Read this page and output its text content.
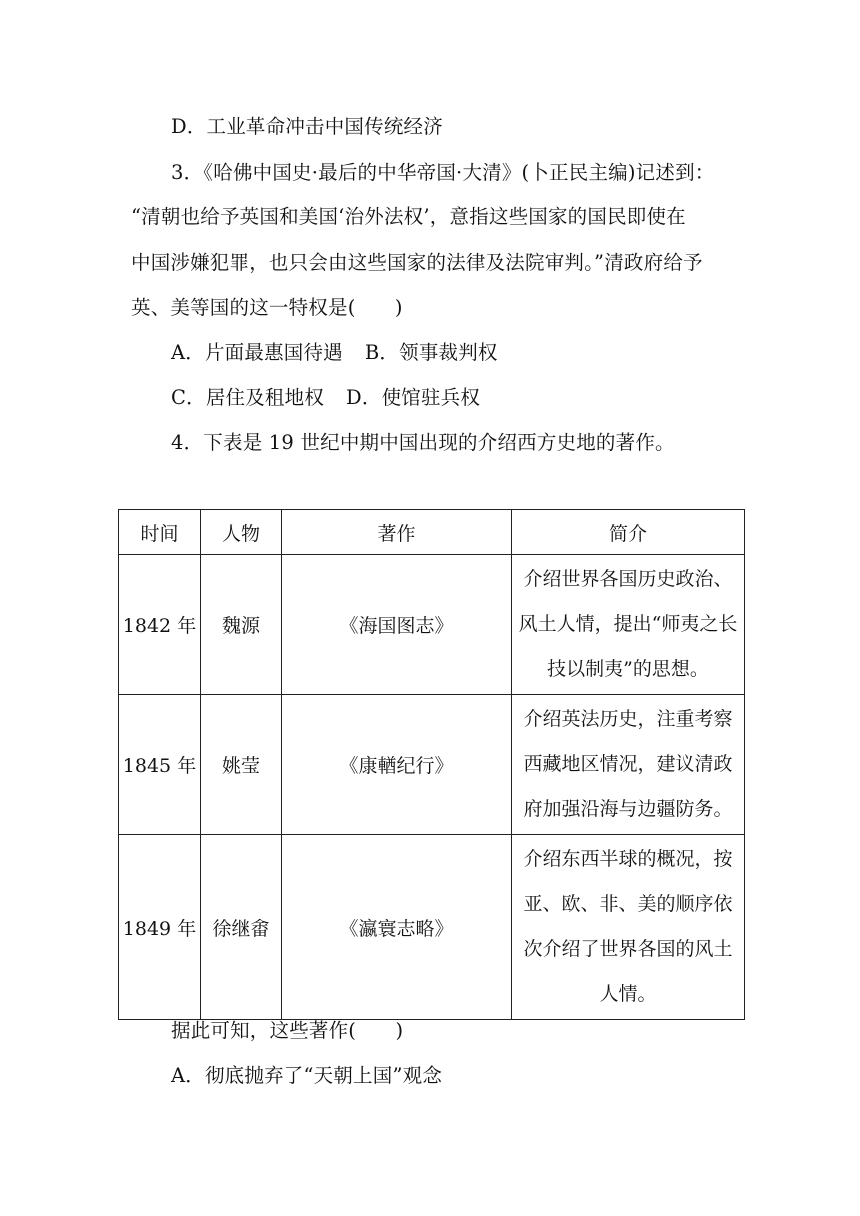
D．工业革命冲击中国传统经济
3．《哈佛中国史·最后的中华帝国·大清》(卜正民主编)记述到：
“清朝也给予英国和美国‘治外法权’，意指这些国家的国民即使在
中国涉嫌犯罪，也只会由这些国家的法律及法院审判。”清政府给予
英、美等国的这一特权是(　　)
A．片面最惠国待遇 B．领事裁判权
C．居住及租地权 D．使馆驻兵权
4．下表是 19 世纪中期中国出现的介绍西方史地的著作。
时间	人物	著作	简介
1842 年	魏源	《海国图志》	介绍世界各国历史政治、风土人情，提出“师夷之长技以制夷”的思想。

1845 年	姚莹	《康輶纪行》	介绍英法历史，注重考察西藏地区情况，建议清政府加强沿海与边疆防务。

1849 年	徐继畬	《瀛寰志略》	介绍东西半球的概况，按亚、欧、非、美的顺序依次介绍了世界各国的风土人情。
据此可知，这些著作(　　)
A．彻底抛弃了“天朝上国”观念
